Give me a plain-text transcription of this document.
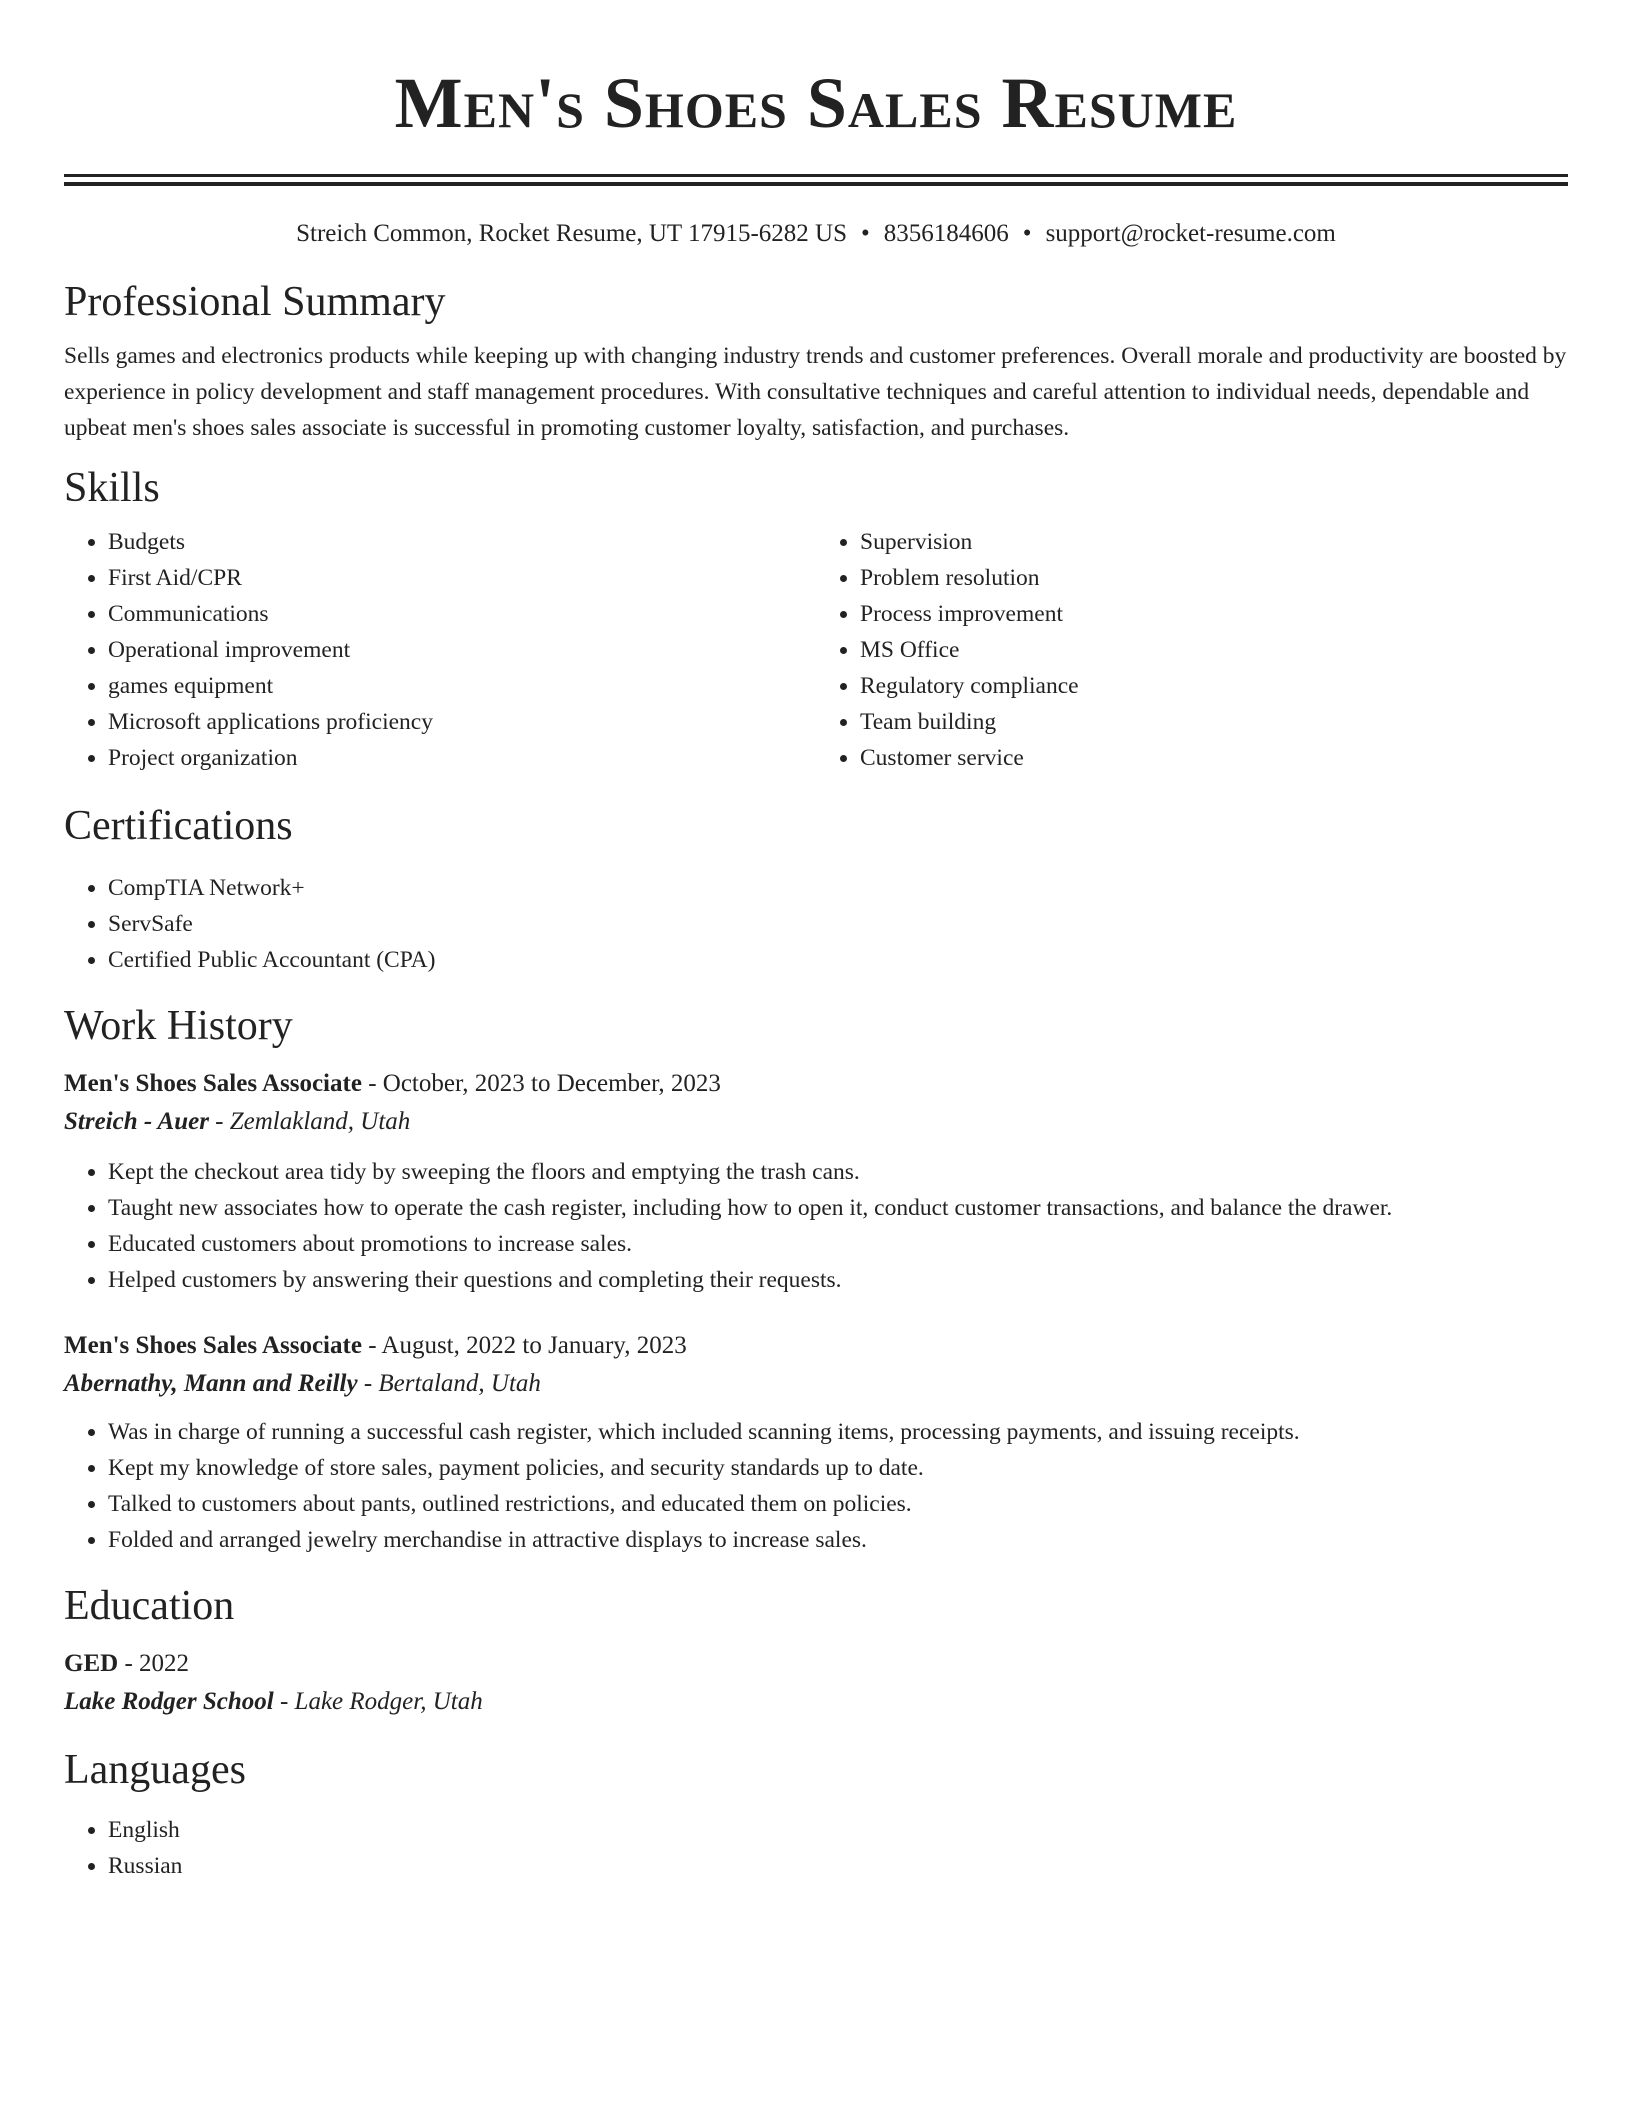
Men's Shoes Sales Resume
Streich Common, Rocket Resume, UT 17915-6282 US • 8356184606 • support@rocket-resume.com
Professional Summary

Sells games and electronics products while keeping up with changing industry trends and customer preferences. Overall morale and productivity are boosted by experience in policy development and staff management procedures. With consultative techniques and careful attention to individual needs, dependable and upbeat men's shoes sales associate is successful in promoting customer loyalty, satisfaction, and purchases.

Skills
• Budgets
• First Aid/CPR
• Communications
• Operational improvement
• games equipment
• Microsoft applications proficiency
• Project organization
• Supervision
• Problem resolution
• Process improvement
• MS Office
• Regulatory compliance
• Team building
• Customer service
Certifications
• CompTIA Network+
• ServSafe
• Certified Public Accountant (CPA)
Work History
Men's Shoes Sales Associate - October, 2023 to December, 2023
Streich - Auer - Zemlakland, Utah
• Kept the checkout area tidy by sweeping the floors and emptying the trash cans.
• Taught new associates how to operate the cash register, including how to open it, conduct customer transactions, and balance the drawer.
• Educated customers about promotions to increase sales.
• Helped customers by answering their questions and completing their requests.
Men's Shoes Sales Associate - August, 2022 to January, 2023
Abernathy, Mann and Reilly - Bertaland, Utah
• Was in charge of running a successful cash register, which included scanning items, processing payments, and issuing receipts.
• Kept my knowledge of store sales, payment policies, and security standards up to date.
• Talked to customers about pants, outlined restrictions, and educated them on policies.
• Folded and arranged jewelry merchandise in attractive displays to increase sales.
Education
GED - 2022
Lake Rodger School - Lake Rodger, Utah
Languages
• English
• Russian
